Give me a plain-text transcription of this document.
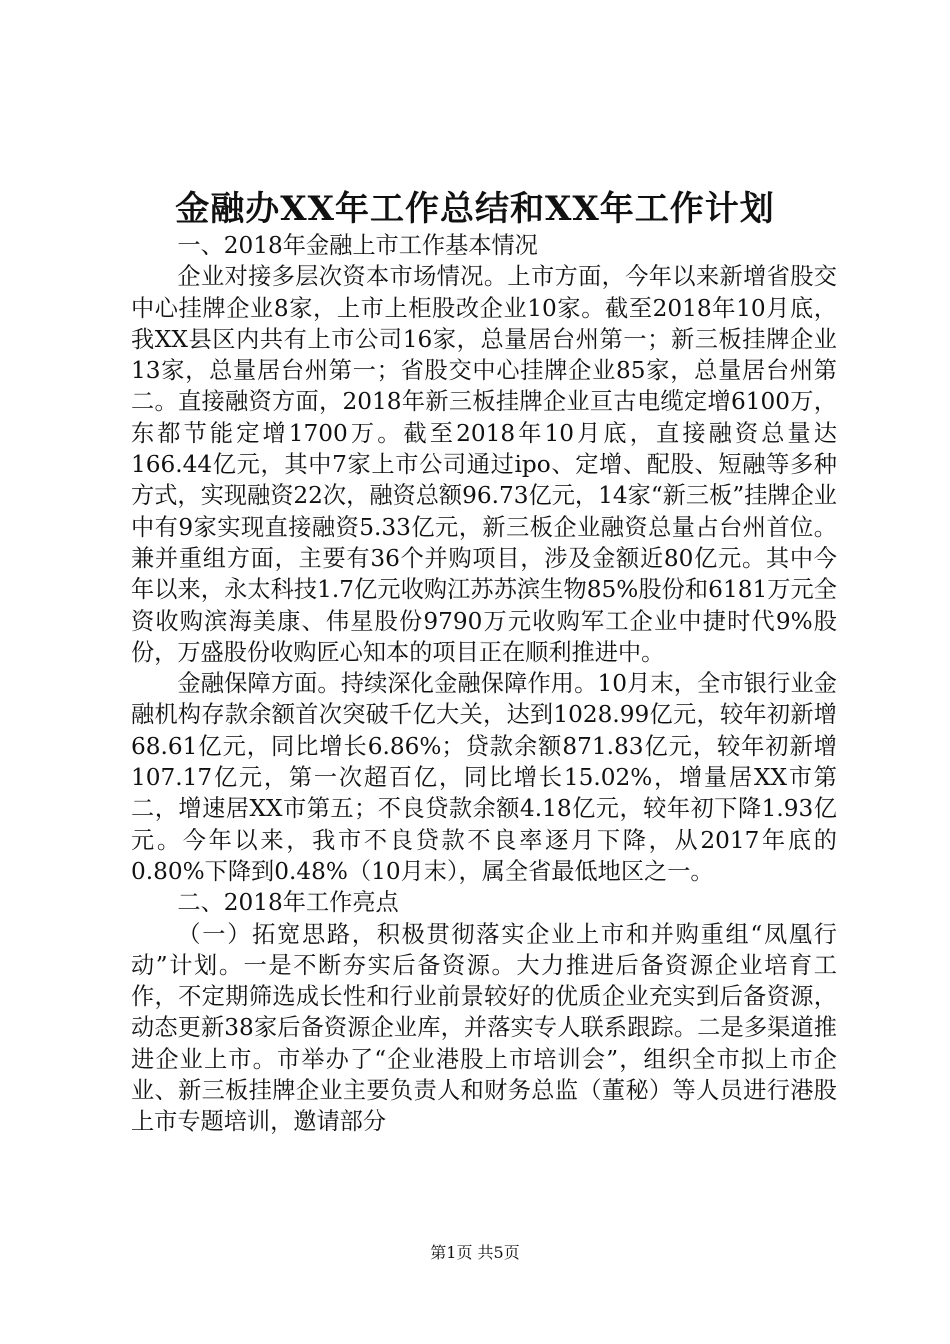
金融办XX年工作总结和XX年工作计划

一、2018年金融上市工作基本情况

企业对接多层次资本市场情况。上市方面，今年以来新增省股交中心挂牌企业8家，上市上柜股改企业10家。截至2018年10月底，我XX县区内共有上市公司16家，总量居台州第一；新三板挂牌企业13家，总量居台州第一；省股交中心挂牌企业85家，总量居台州第二。直接融资方面，2018年新三板挂牌企业亘古电缆定增6100万，东都节能定增1700万。截至2018年10月底，直接融资总量达166.44亿元，其中7家上市公司通过ipo、定增、配股、短融等多种方式，实现融资22次，融资总额96.73亿元，14家“新三板”挂牌企业中有9家实现直接融资5.33亿元，新三板企业融资总量占台州首位。兼并重组方面，主要有36个并购项目，涉及金额近80亿元。其中今年以来，永太科技1.7亿元收购江苏苏滨生物85%股份和6181万元全资收购滨海美康、伟星股份9790万元收购军工企业中捷时代9%股份，万盛股份收购匠心知本的项目正在顺利推进中。

金融保障方面。持续深化金融保障作用。10月末，全市银行业金融机构存款余额首次突破千亿大关，达到1028.99亿元，较年初新增68.61亿元，同比增长6.86%；贷款余额871.83亿元，较年初新增107.17亿元，第一次超百亿，同比增长15.02%，增量居XX市第二，增速居XX市第五；不良贷款余额4.18亿元，较年初下降1.93亿元。今年以来，我市不良贷款不良率逐月下降，从2017年底的0.80%下降到0.48%（10月末），属全省最低地区之一。

二、2018年工作亮点

（一）拓宽思路，积极贯彻落实企业上市和并购重组“凤凰行动”计划。一是不断夯实后备资源。大力推进后备资源企业培育工作，不定期筛选成长性和行业前景较好的优质企业充实到后备资源，动态更新38家后备资源企业库，并落实专人联系跟踪。二是多渠道推进企业上市。市举办了“企业港股上市培训会”，组织全市拟上市企业、新三板挂牌企业主要负责人和财务总监（董秘）等人员进行港股上市专题培训，邀请部分

第1页 共5页
